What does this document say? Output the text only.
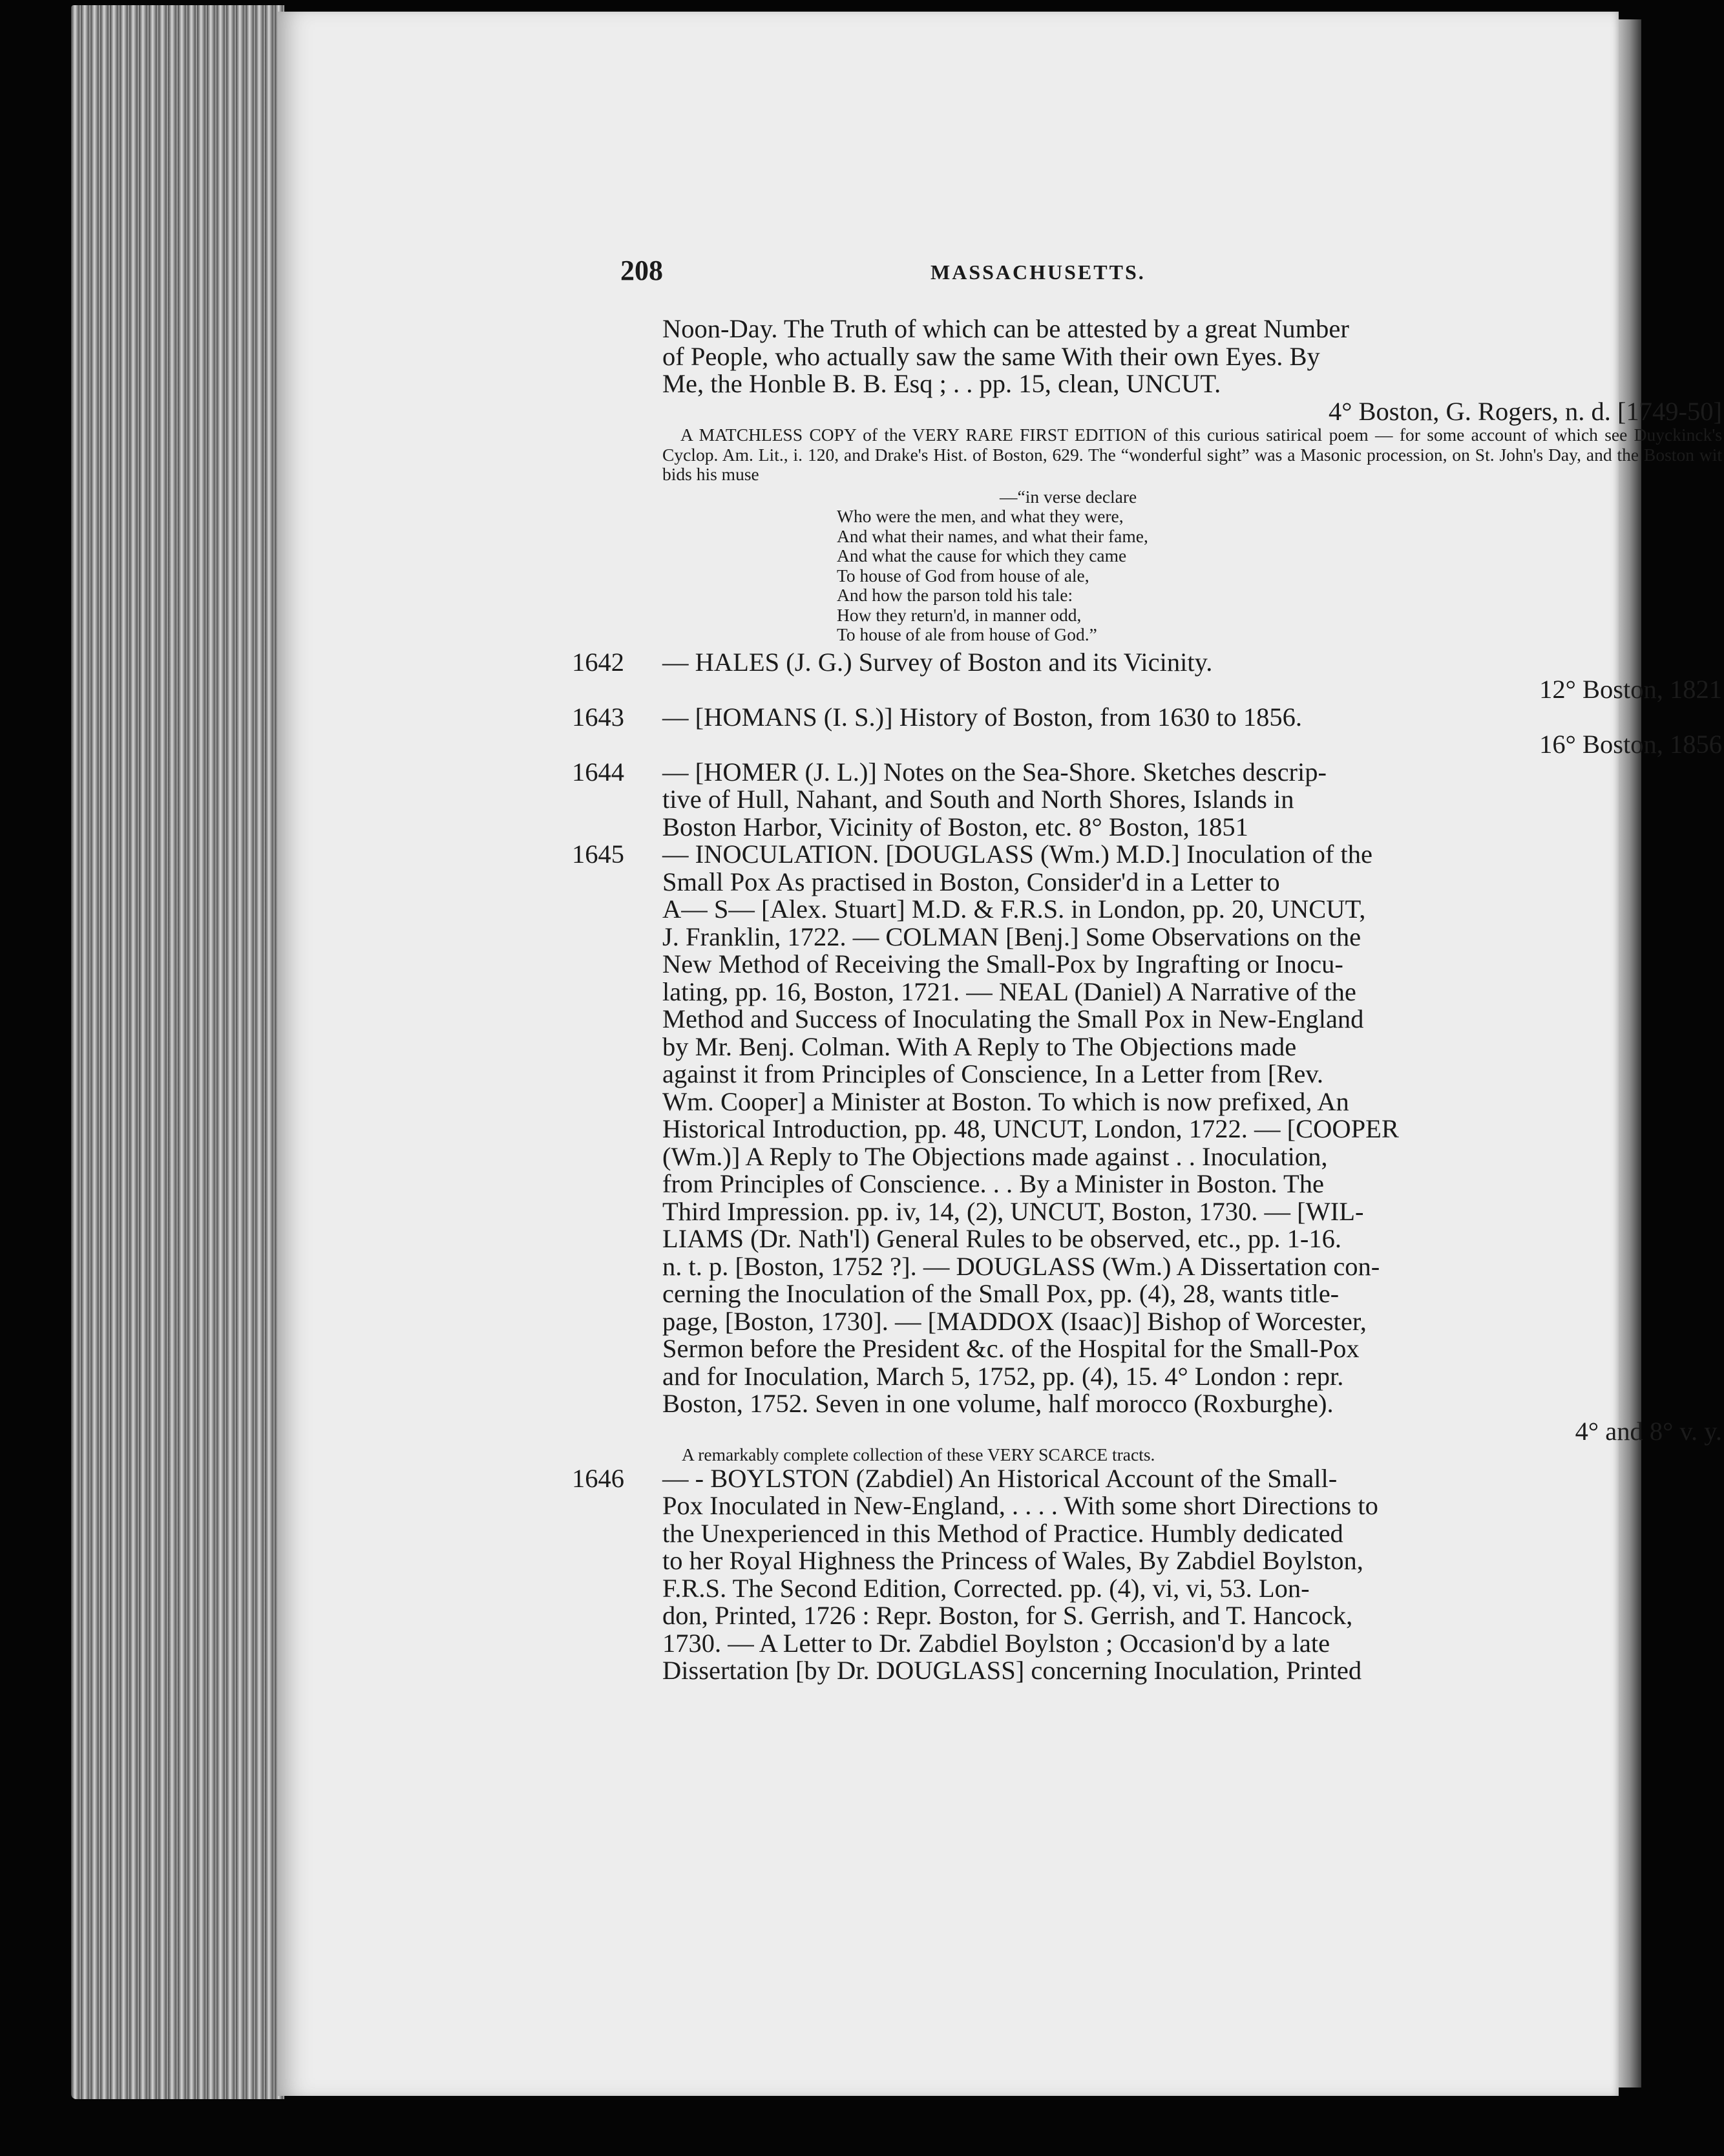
208	MASSACHUSETTS.

Noon-Day. The Truth of which can be attested by a great Number

of People, who actually saw the same With their own Eyes. By

Me, the Honble B. B. Esq ; . . pp. 15, clean, UNCUT.

4° Boston, G. Rogers, n. d. [1749-50]

A MATCHLESS COPY of the VERY RARE FIRST EDITION of this curious satirical poem — for some account of which see Duyckinck's Cyclop. Am. Lit., i. 120, and Drake's Hist. of Boston, 629. The “wonderful sight” was a Masonic procession, on St. John's Day, and the Boston wit bids his muse

—“in verse declare
Who were the men, and what they were,
And what their names, and what their fame,
And what the cause for which they came
To house of God from house of ale,
And how the parson told his tale:
How they return'd, in manner odd,
To house of ale from house of God.”

1642 — HALES (J. G.) Survey of Boston and its Vicinity.

12° Boston, 1821

1643 — [HOMANS (I. S.)] History of Boston, from 1630 to 1856.

16° Boston, 1856

1644 — [HOMER (J. L.)] Notes on the Sea-Shore. Sketches descrip-

tive of Hull, Nahant, and South and North Shores, Islands in

Boston Harbor, Vicinity of Boston, etc. 8° Boston, 1851

1645 — INOCULATION. [DOUGLASS (Wm.) M.D.] Inoculation of the

Small Pox As practised in Boston, Consider'd in a Letter to

A— S— [Alex. Stuart] M.D. & F.R.S. in London, pp. 20, UNCUT,

J. Franklin, 1722. — COLMAN [Benj.] Some Observations on the

New Method of Receiving the Small-Pox by Ingrafting or Inocu-

lating, pp. 16, Boston, 1721. — NEAL (Daniel) A Narrative of the

Method and Success of Inoculating the Small Pox in New-England

by Mr. Benj. Colman. With A Reply to The Objections made

against it from Principles of Conscience, In a Letter from [Rev.

Wm. Cooper] a Minister at Boston. To which is now prefixed, An

Historical Introduction, pp. 48, UNCUT, London, 1722. — [COOPER

(Wm.)] A Reply to The Objections made against . . Inoculation,

from Principles of Conscience. . . By a Minister in Boston. The

Third Impression. pp. iv, 14, (2), UNCUT, Boston, 1730. — [WIL-

LIAMS (Dr. Nath'l) General Rules to be observed, etc., pp. 1-16.

n. t. p. [Boston, 1752 ?]. — DOUGLASS (Wm.) A Dissertation con-

cerning the Inoculation of the Small Pox, pp. (4), 28, wants title-

page, [Boston, 1730]. — [MADDOX (Isaac)] Bishop of Worcester,

Sermon before the President &c. of the Hospital for the Small-Pox

and for Inoculation, March 5, 1752, pp. (4), 15. 4° London : repr.

Boston, 1752. Seven in one volume, half morocco (Roxburghe).

4° and 8° v. y.

A remarkably complete collection of these VERY SCARCE tracts.

1646 — - BOYLSTON (Zabdiel) An Historical Account of the Small-

Pox Inoculated in New-England, . . . . With some short Directions to

the Unexperienced in this Method of Practice. Humbly dedicated

to her Royal Highness the Princess of Wales, By Zabdiel Boylston,

F.R.S. The Second Edition, Corrected. pp. (4), vi, vi, 53. Lon-

don, Printed, 1726 : Repr. Boston, for S. Gerrish, and T. Hancock,

1730. — A Letter to Dr. Zabdiel Boylston ; Occasion'd by a late

Dissertation [by Dr. DOUGLASS] concerning Inoculation, Printed
